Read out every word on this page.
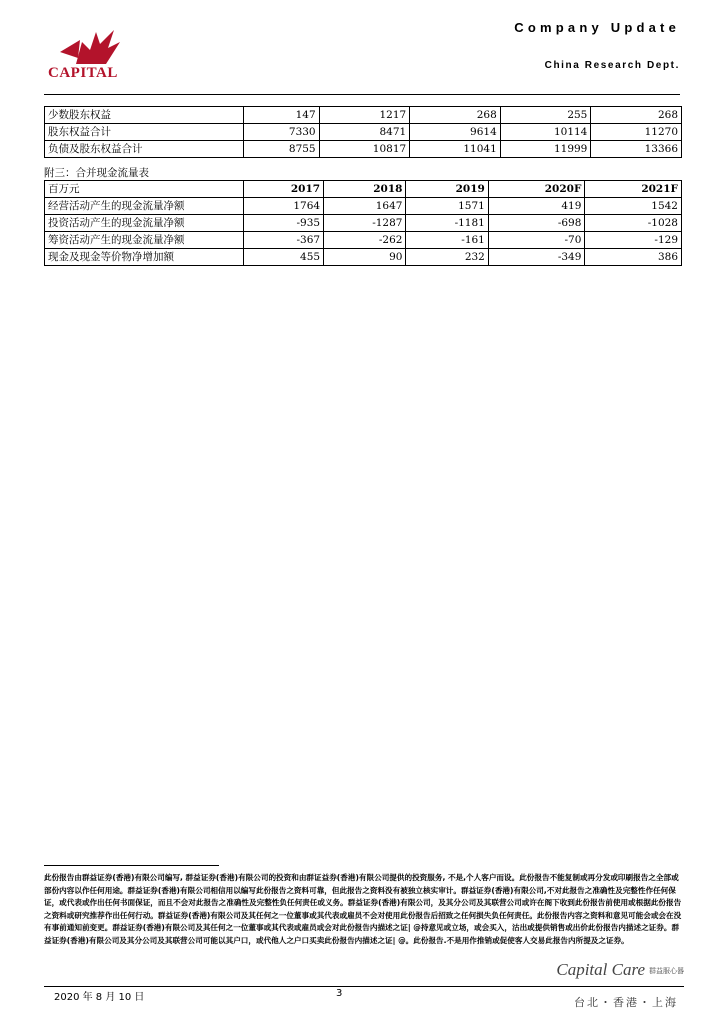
Company Update
China Research Dept.
CAPITAL
少数股东权益	147	1217	268	255	268
股东权益合计	7330	8471	9614	10114	11270
负债及股东权益合计	8755	10817	11041	11999	13366
附三：合并现金流量表
百万元	2017	2018	2019	2020F	2021F
经营活动产生的现金流量净额	1764	1647	1571	419	1542
投资活动产生的现金流量净额	-935	-1287	-1181	-698	-1028
筹资活动产生的现金流量净额	-367	-262	-161	-70	-129
现金及现金等价物净增加额	455	90	232	-349	386
此份报告由群益证券(香港)有限公司编写, 群益证券(香港)有限公司的投资和由群证益券(香港)有限公司提供的投资服务, 不是,个人客户而设。此份报告不能复制或再分发或印刷报告之全部或部份内容以作任何用途。群益证券(香港)有限公司相信用以编写此份报告之资料可靠，但此报告之资料没有被独立核实审计。群益证券(香港)有限公司,不对此报告之准确性及完整性作任何保证，或代表或作出任何书面保证，而且不会对此报告之准确性及完整性负任何责任或义务。群益证券(香港)有限公司，及其分公司及其联营公司或许在阁下收到此份报告前使用或根据此份报告之资料或研究推荐作出任何行动。群益证券(香港)有限公司及其任何之一位董事或其代表或雇员不会对使用此份报告后招致之任何损失负任何责任。此份报告内容之资料和意见可能会或会在没有事前通知前变更。群益证券(香港)有限公司及其任何之一位董事或其代表或雇员或会对此份报告内描述之证| @持意见或立场，或会买入，沽出或提供销售或出价此份报告内描述之证券。群益证券(香港)有限公司及其分公司及其联营公司可能以其户口，或代他人之户口买卖此份报告内描述之证| @。此份报告.不是用作推销或促使客人交易此报告内所提及之证券。
Capital Care 群益服心器
2020 年 8 月 10 日	3
台北・香港・上海
